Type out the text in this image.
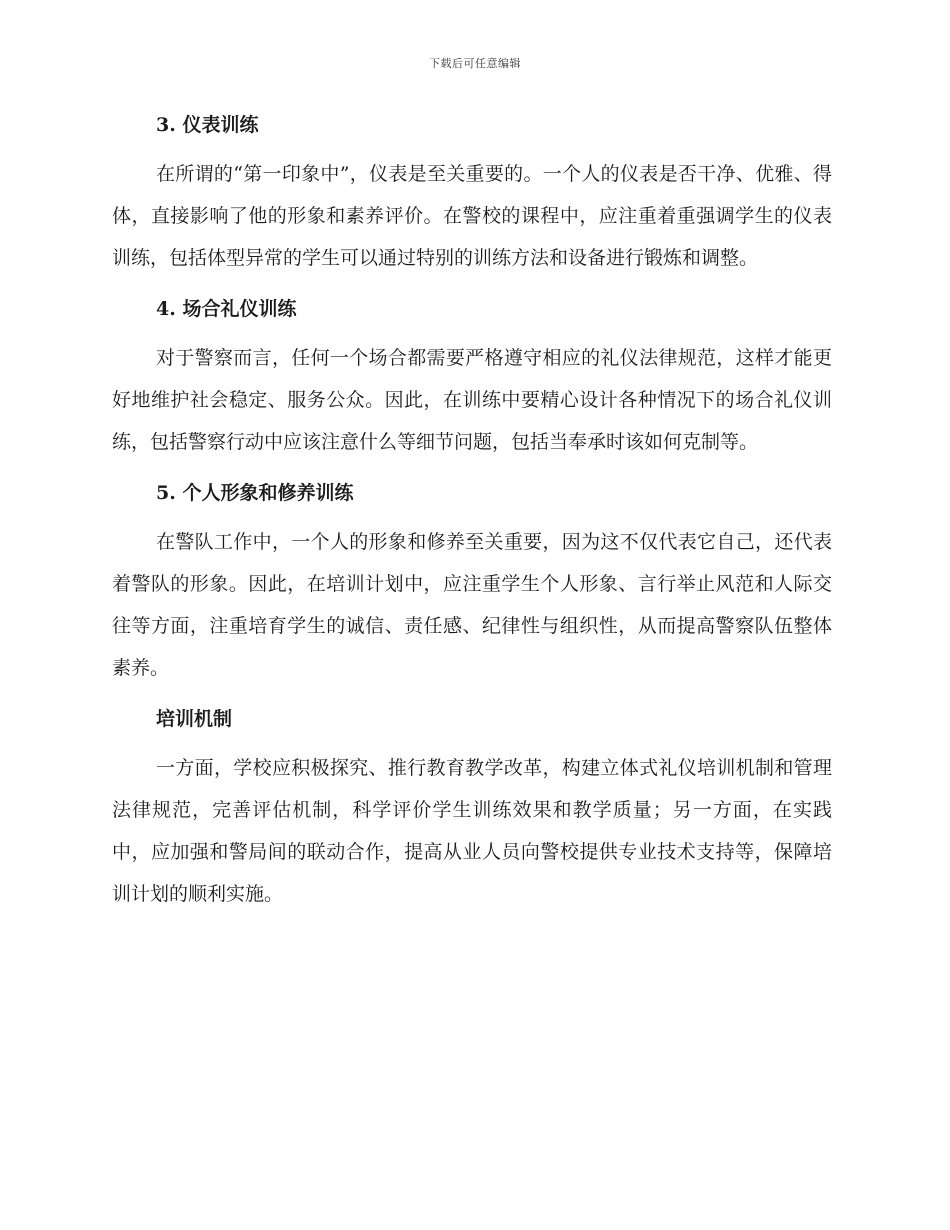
下载后可任意编辑
3. 仪表训练

在所谓的“第一印象中”，仪表是至关重要的。一个人的仪表是否干净、优雅、得体，直接影响了他的形象和素养评价。在警校的课程中，应注重着重强调学生的仪表训练，包括体型异常的学生可以通过特别的训练方法和设备进行锻炼和调整。

4. 场合礼仪训练

对于警察而言，任何一个场合都需要严格遵守相应的礼仪法律规范，这样才能更好地维护社会稳定、服务公众。因此，在训练中要精心设计各种情况下的场合礼仪训练，包括警察行动中应该注意什么等细节问题，包括当奉承时该如何克制等。

5. 个人形象和修养训练

在警队工作中，一个人的形象和修养至关重要，因为这不仅代表它自己，还代表着警队的形象。因此，在培训计划中，应注重学生个人形象、言行举止风范和人际交往等方面，注重培育学生的诚信、责任感、纪律性与组织性，从而提高警察队伍整体素养。

培训机制

一方面，学校应积极探究、推行教育教学改革，构建立体式礼仪培训机制和管理法律规范，完善评估机制，科学评价学生训练效果和教学质量；另一方面，在实践中，应加强和警局间的联动合作，提高从业人员向警校提供专业技术支持等，保障培训计划的顺利实施。
